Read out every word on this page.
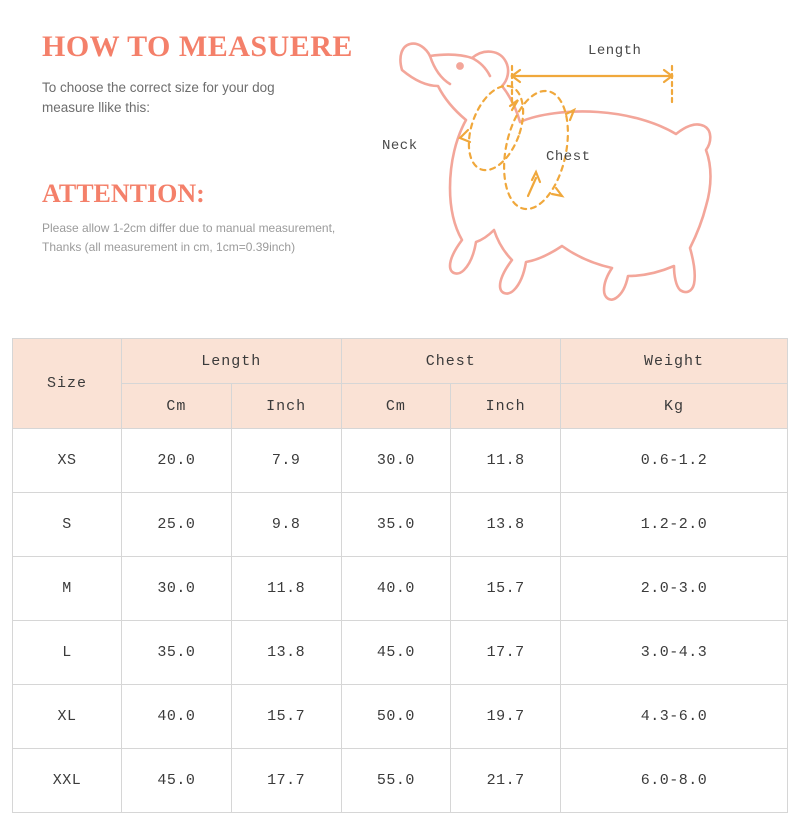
HOW TO MEASUERE

To choose the correct size for your dog measure llike this:

ATTENTION:

Please allow 1-2cm differ due to manual measurement, Thanks (all measurement in cm, 1cm=0.39inch)

Length
Neck
Chest
Size	Length		Chest		Weight
	Cm	Inch	Cm	Inch	Kg
XS	20.0	7.9	30.0	11.8	0.6-1.2
S	25.0	9.8	35.0	13.8	1.2-2.0
M	30.0	11.8	40.0	15.7	2.0-3.0
L	35.0	13.8	45.0	17.7	3.0-4.3
XL	40.0	15.7	50.0	19.7	4.3-6.0
XXL	45.0	17.7	55.0	21.7	6.0-8.0
